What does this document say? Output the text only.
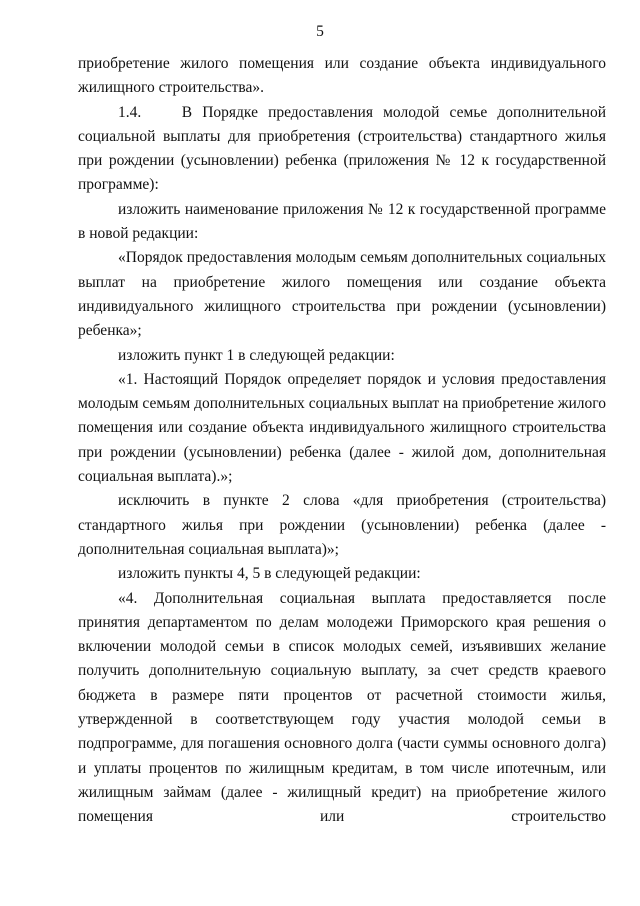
5

приобретение жилого помещения или создание объекта индивидуального жилищного строительства».

1.4.    В Порядке предоставления молодой семье дополнительной социальной выплаты для приобретения (строительства) стандартного жилья при рождении (усыновлении) ребенка (приложения № 12 к государственной программе):

изложить наименование приложения № 12 к государственной программе в новой редакции:

«Порядок предоставления молодым семьям дополнительных социальных выплат на приобретение жилого помещения или создание объекта индивидуального жилищного строительства при рождении (усыновлении) ребенка»;

изложить пункт 1 в следующей редакции:

«1. Настоящий Порядок определяет порядок и условия предоставления молодым семьям дополнительных социальных выплат на приобретение жилого помещения или создание объекта индивидуального жилищного строительства при рождении (усыновлении) ребенка (далее - жилой дом, дополнительная социальная выплата).»;

исключить в пункте 2 слова «для приобретения (строительства) стандартного жилья при рождении (усыновлении) ребенка (далее - дополнительная социальная выплата)»;

изложить пункты 4, 5 в следующей редакции:

«4. Дополнительная социальная выплата предоставляется после принятия департаментом по делам молодежи Приморского края решения о включении молодой семьи в список молодых семей, изъявивших желание получить дополнительную социальную выплату, за счет средств краевого бюджета в размере пяти процентов от расчетной стоимости жилья, утвержденной в соответствующем году участия молодой семьи в подпрограмме, для погашения основного долга (части суммы основного долга) и уплаты процентов по жилищным кредитам, в том числе ипотечным, или жилищным займам (далее - жилищный кредит) на приобретение жилого помещения или строительство
